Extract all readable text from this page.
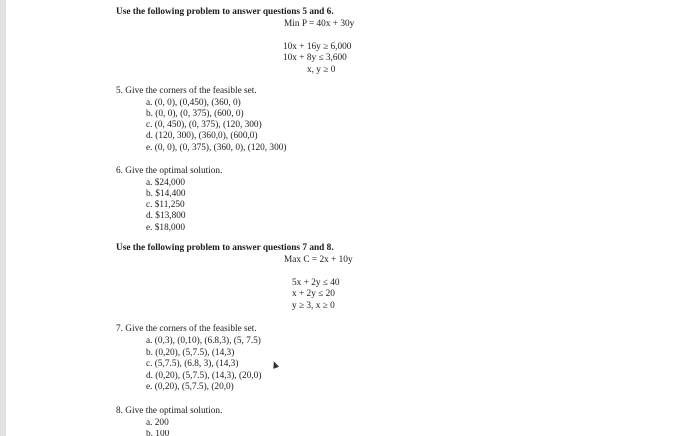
Use the following problem to answer questions 5 and 6.
Min P = 40x + 30y
10x + 16y ≥ 6,000
10x + 8y ≤ 3,600
x, y ≥ 0
5. Give the corners of the feasible set.
a. (0, 0), (0,450), (360, 0)
b. (0, 0), (0, 375), (600, 0)
c. (0, 450), (0, 375), (120, 300)
d. (120, 300), (360,0), (600,0)
e. (0, 0), (0, 375), (360, 0), (120, 300)
6. Give the optimal solution.
a. $24,000
b. $14,400
c. $11,250
d. $13,800
e. $18,000
Use the following problem to answer questions 7 and 8.
Max C = 2x + 10y
5x + 2y ≤ 40
x + 2y ≤ 20
y ≥ 3, x ≥ 0
7. Give the corners of the feasible set.
a. (0,3), (0,10), (6.8,3), (5, 7.5)
b. (0,20), (5,7.5), (14,3)
c. (5,7.5), (6.8, 3), (14,3)
d. (0,20), (5,7.5), (14,3), (20,0)
e. (0,20), (5,7.5), (20,0)
8. Give the optimal solution.
a. 200
b. 100
